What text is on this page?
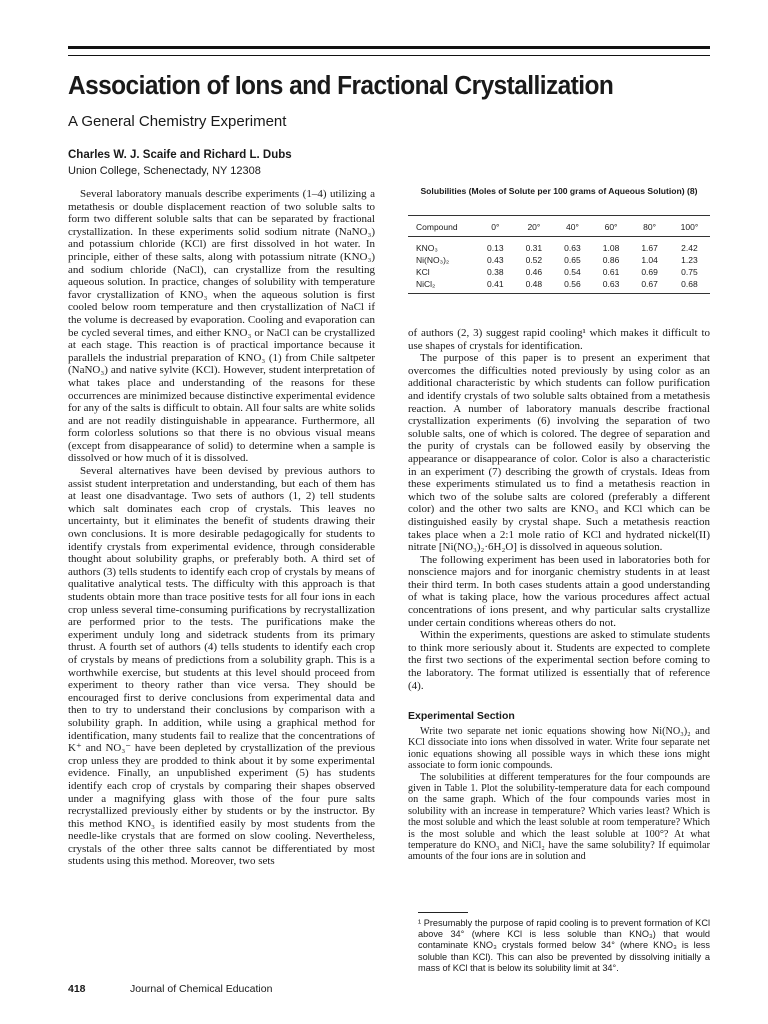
Association of Ions and Fractional Crystallization
A General Chemistry Experiment
Charles W. J. Scaife and Richard L. Dubs
Union College, Schenectady, NY 12308

Several laboratory manuals describe experiments (1–4) utilizing a metathesis or double displacement reaction of two soluble salts to form two different soluble salts that can be separated by fractional crystallization. In these experiments solid sodium nitrate (NaNO₃) and potassium chloride (KCl) are first dissolved in hot water. In principle, either of these salts, along with potassium nitrate (KNO₃) and sodium chloride (NaCl), can crystallize from the resulting aqueous solution. In practice, changes of solubility with temperature favor crystallization of KNO₃ when the aqueous solution is first cooled below room temperature and then crystallization of NaCl if the volume is decreased by evaporation. Cooling and evaporation can be cycled several times, and either KNO₃ or NaCl can be crystallized at each stage. This reaction is of practical importance because it parallels the industrial preparation of KNO₃ (1) from Chile saltpeter (NaNO₃) and native sylvite (KCl). However, student interpretation of what takes place and understanding of the reasons for these occurrences are minimized because distinctive experimental evidence for any of the salts is difficult to obtain. All four salts are white solids and are not readily distinguishable in appearance. Furthermore, all form colorless solutions so that there is no obvious visual means (except from disappearance of solid) to determine when a sample is dissolved or how much of it is dissolved.

Several alternatives have been devised by previous authors to assist student interpretation and understanding, but each of them has at least one disadvantage. Two sets of authors (1, 2) tell students which salt dominates each crop of crystals. This leaves no uncertainty, but it eliminates the benefit of students drawing their own conclusions. It is more desirable pedagogically for students to identify crystals from experimental evidence, through considerable thought about solubility graphs, or preferably both. A third set of authors (3) tells students to identify each crop of crystals by means of qualitative analytical tests. The difficulty with this approach is that students obtain more than trace positive tests for all four ions in each crop unless several time-consuming purifications by recrystallization are performed prior to the tests. The purifications make the experiment unduly long and sidetrack students from its primary thrust. A fourth set of authors (4) tells students to identify each crop of crystals by means of predictions from a solubility graph. This is a worthwhile exercise, but students at this level should proceed from experiment to theory rather than vice versa. They should be encouraged first to derive conclusions from experimental data and then to try to understand their conclusions by comparison with a solubility graph. In addition, while using a graphical method for identification, many students fail to realize that the concentrations of K⁺ and NO₃⁻ have been depleted by crystallization of the previous crop unless they are prodded to think about it by some experimental evidence. Finally, an unpublished experiment (5) has students identify each crop of crystals by comparing their shapes observed under a magnifying glass with those of the four pure salts recrystallized previously either by students or by the instructor. By this method KNO₃ is identified easily by most students from the needle-like crystals that are formed on slow cooling. Nevertheless, crystals of the other three salts cannot be differentiated by most students using this method. Moreover, two sets

Solubilities (Moles of Solute per 100 grams of Aqueous Solution) (8)
Compound	0°	20°	40°	60°	80°	100°
KNO₃	0.13	0.31	0.63	1.08	1.67	2.42
Ni(NO₃)₂	0.43	0.52	0.65	0.86	1.04	1.23
KCl	0.38	0.46	0.54	0.61	0.69	0.75
NiCl₂	0.41	0.48	0.56	0.63	0.67	0.68

of authors (2, 3) suggest rapid cooling¹ which makes it difficult to use shapes of crystals for identification.

The purpose of this paper is to present an experiment that overcomes the difficulties noted previously by using color as an additional characteristic by which students can follow purification and identify crystals of two soluble salts obtained from a metathesis reaction. A number of laboratory manuals describe fractional crystallization experiments (6) involving the separation of two soluble salts, one of which is colored. The degree of separation and the purity of crystals can be followed easily by observing the appearance or disappearance of color. Color is also a characteristic in an experiment (7) describing the growth of crystals. Ideas from these experiments stimulated us to find a metathesis reaction in which two of the solube salts are colored (preferably a different color) and the other two salts are KNO₃ and KCl which can be distinguished easily by crystal shape. Such a metathesis reaction takes place when a 2:1 mole ratio of KCl and hydrated nickel(II) nitrate [Ni(NO₃)₂·6H₂O] is dissolved in aqueous solution.

The following experiment has been used in laboratories both for nonscience majors and for inorganic chemistry students in at least their third term. In both cases students attain a good understanding of what is taking place, how the various procedures affect actual concentrations of ions present, and why particular salts crystallize under certain conditions whereas others do not.

Within the experiments, questions are asked to stimulate students to think more seriously about it. Students are expected to complete the first two sections of the experimental section before coming to the laboratory. The format utilized is essentially that of reference (4).

Experimental Section

Write two separate net ionic equations showing how Ni(NO₃)₂ and KCl dissociate into ions when dissolved in water. Write four separate net ionic equations showing all possible ways in which these ions might associate to form ionic compounds.

The solubilities at different temperatures for the four compounds are given in Table 1. Plot the solubility-temperature data for each compound on the same graph. Which of the four compounds varies most in solubility with an increase in temperature? Which varies least? Which is the most soluble and which the least soluble at room temperature? Which is the most soluble and which the least soluble at 100°? At what temperature do KNO₃ and NiCl₂ have the same solubility? If equimolar amounts of the four ions are in solution and

¹ Presumably the purpose of rapid cooling is to prevent formation of KCl above 34° (where KCl is less soluble than KNO₃) that would contaminate KNO₃ crystals formed below 34° (where KNO₃ is less soluble than KCl). This can also be prevented by dissolving initially a mass of KCl that is below its solubility limit at 34°.
418	Journal of Chemical Education
